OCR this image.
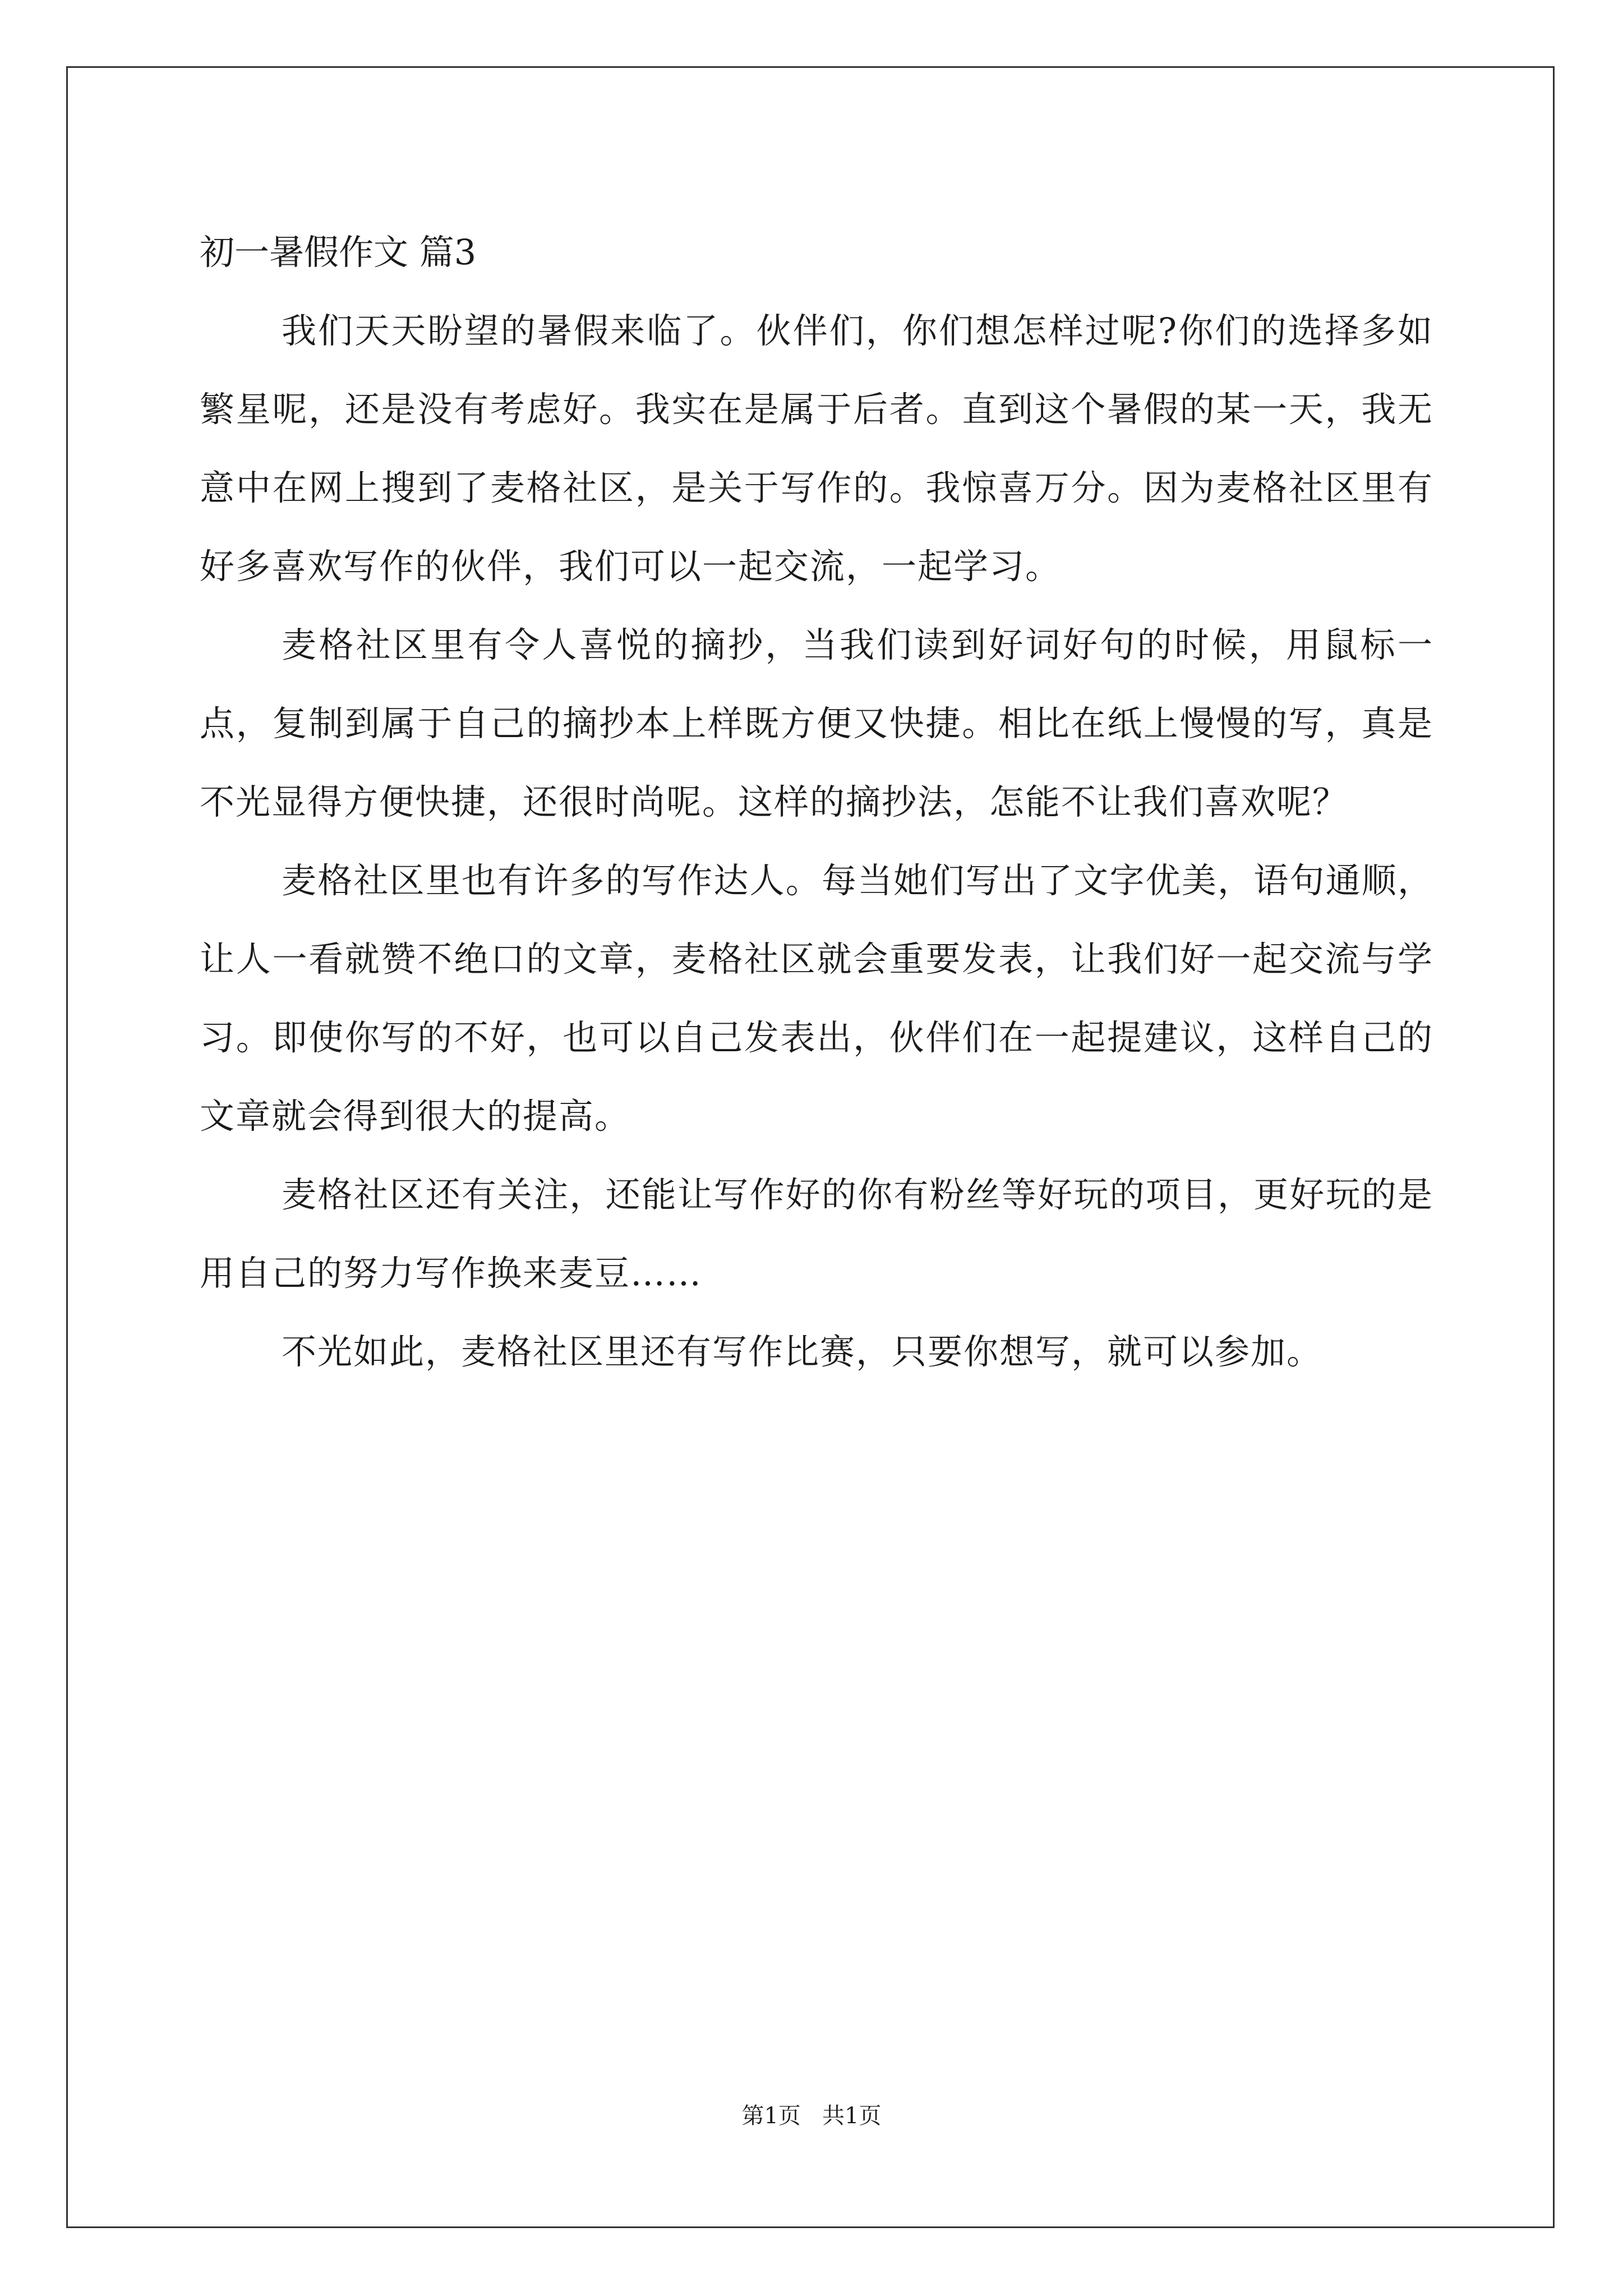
初一暑假作文 篇3

我们天天盼望的暑假来临了。伙伴们，你们想怎样过呢?你们的选择多如繁星呢，还是没有考虑好。我实在是属于后者。直到这个暑假的某一天，我无意中在网上搜到了麦格社区，是关于写作的。我惊喜万分。因为麦格社区里有好多喜欢写作的伙伴，我们可以一起交流，一起学习。

麦格社区里有令人喜悦的摘抄，当我们读到好词好句的时候，用鼠标一点，复制到属于自己的摘抄本上样既方便又快捷。相比在纸上慢慢的写，真是不光显得方便快捷，还很时尚呢。这样的摘抄法，怎能不让我们喜欢呢？

麦格社区里也有许多的写作达人。每当她们写出了文字优美，语句通顺，让人一看就赞不绝口的文章，麦格社区就会重要发表，让我们好一起交流与学习。即使你写的不好，也可以自己发表出，伙伴们在一起提建议，这样自己的文章就会得到很大的提高。

麦格社区还有关注，还能让写作好的你有粉丝等好玩的项目，更好玩的是用自己的努力写作换来麦豆……

不光如此，麦格社区里还有写作比赛，只要你想写，就可以参加。

第1页   共1页
